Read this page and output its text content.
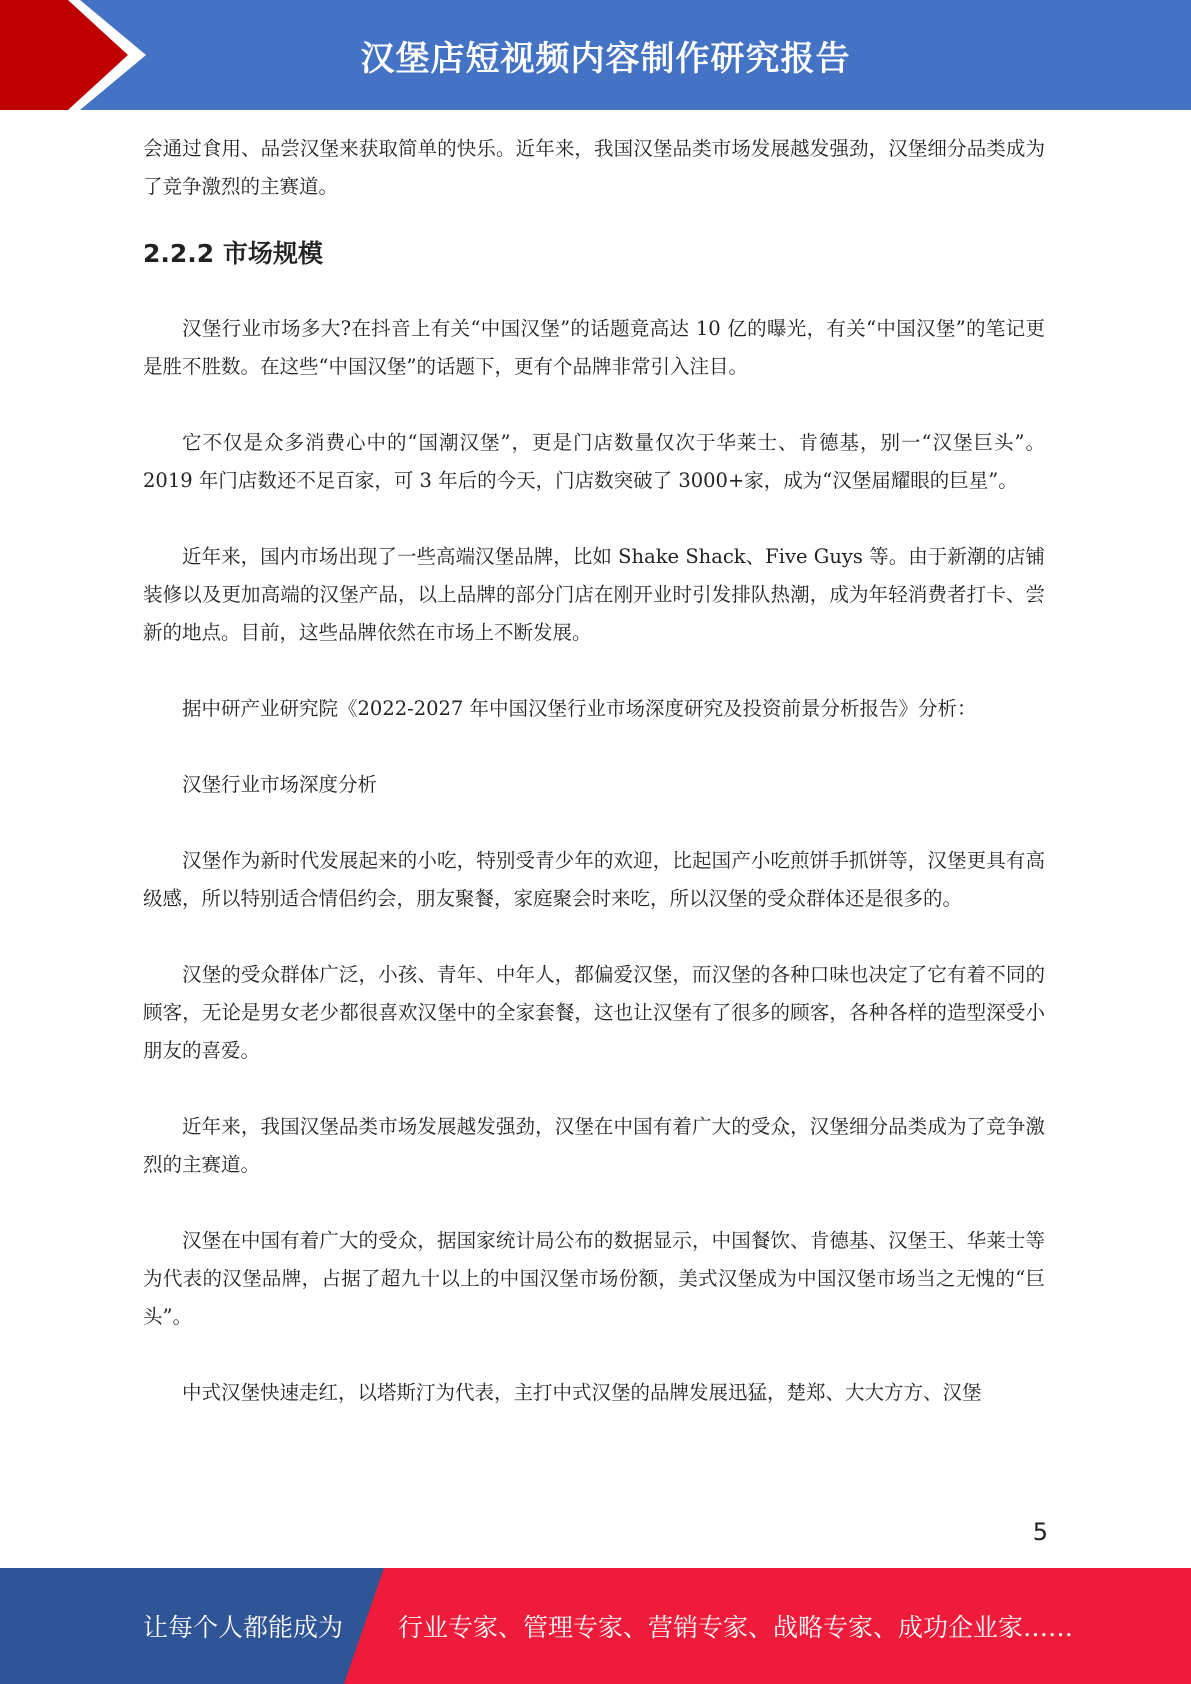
汉堡店短视频内容制作研究报告

会通过食用、品尝汉堡来获取简单的快乐。近年来，我国汉堡品类市场发展越发强劲，汉堡细分品类成为了竞争激烈的主赛道。

2.2.2 市场规模

汉堡行业市场多大?在抖音上有关“中国汉堡”的话题竟高达 10 亿的曝光，有关“中国汉堡”的笔记更是胜不胜数。在这些“中国汉堡”的话题下，更有个品牌非常引入注目。

它不仅是众多消费心中的“国潮汉堡”，更是门店数量仅次于华莱士、肯德基，别一“汉堡巨头”。2019 年门店数还不足百家，可 3 年后的今天，门店数突破了 3000+家，成为“汉堡届耀眼的巨星”。

近年来，国内市场出现了一些高端汉堡品牌，比如 Shake Shack、Five Guys 等。由于新潮的店铺装修以及更加高端的汉堡产品，以上品牌的部分门店在刚开业时引发排队热潮，成为年轻消费者打卡、尝新的地点。目前，这些品牌依然在市场上不断发展。

据中研产业研究院《2022-2027 年中国汉堡行业市场深度研究及投资前景分析报告》分析：

汉堡行业市场深度分析

汉堡作为新时代发展起来的小吃，特别受青少年的欢迎，比起国产小吃煎饼手抓饼等，汉堡更具有高级感，所以特别适合情侣约会，朋友聚餐，家庭聚会时来吃，所以汉堡的受众群体还是很多的。

汉堡的受众群体广泛，小孩、青年、中年人，都偏爱汉堡，而汉堡的各种口味也决定了它有着不同的顾客，无论是男女老少都很喜欢汉堡中的全家套餐，这也让汉堡有了很多的顾客，各种各样的造型深受小朋友的喜爱。

近年来，我国汉堡品类市场发展越发强劲，汉堡在中国有着广大的受众，汉堡细分品类成为了竞争激烈的主赛道。

汉堡在中国有着广大的受众，据国家统计局公布的数据显示，中国餐饮、肯德基、汉堡王、华莱士等为代表的汉堡品牌，占据了超九十以上的中国汉堡市场份额，美式汉堡成为中国汉堡市场当之无愧的“巨头”。

中式汉堡快速走红，以塔斯汀为代表，主打中式汉堡的品牌发展迅猛，楚郑、大大方方、汉堡

5
让每个人都能成为 行业专家、管理专家、营销专家、战略专家、成功企业家……
